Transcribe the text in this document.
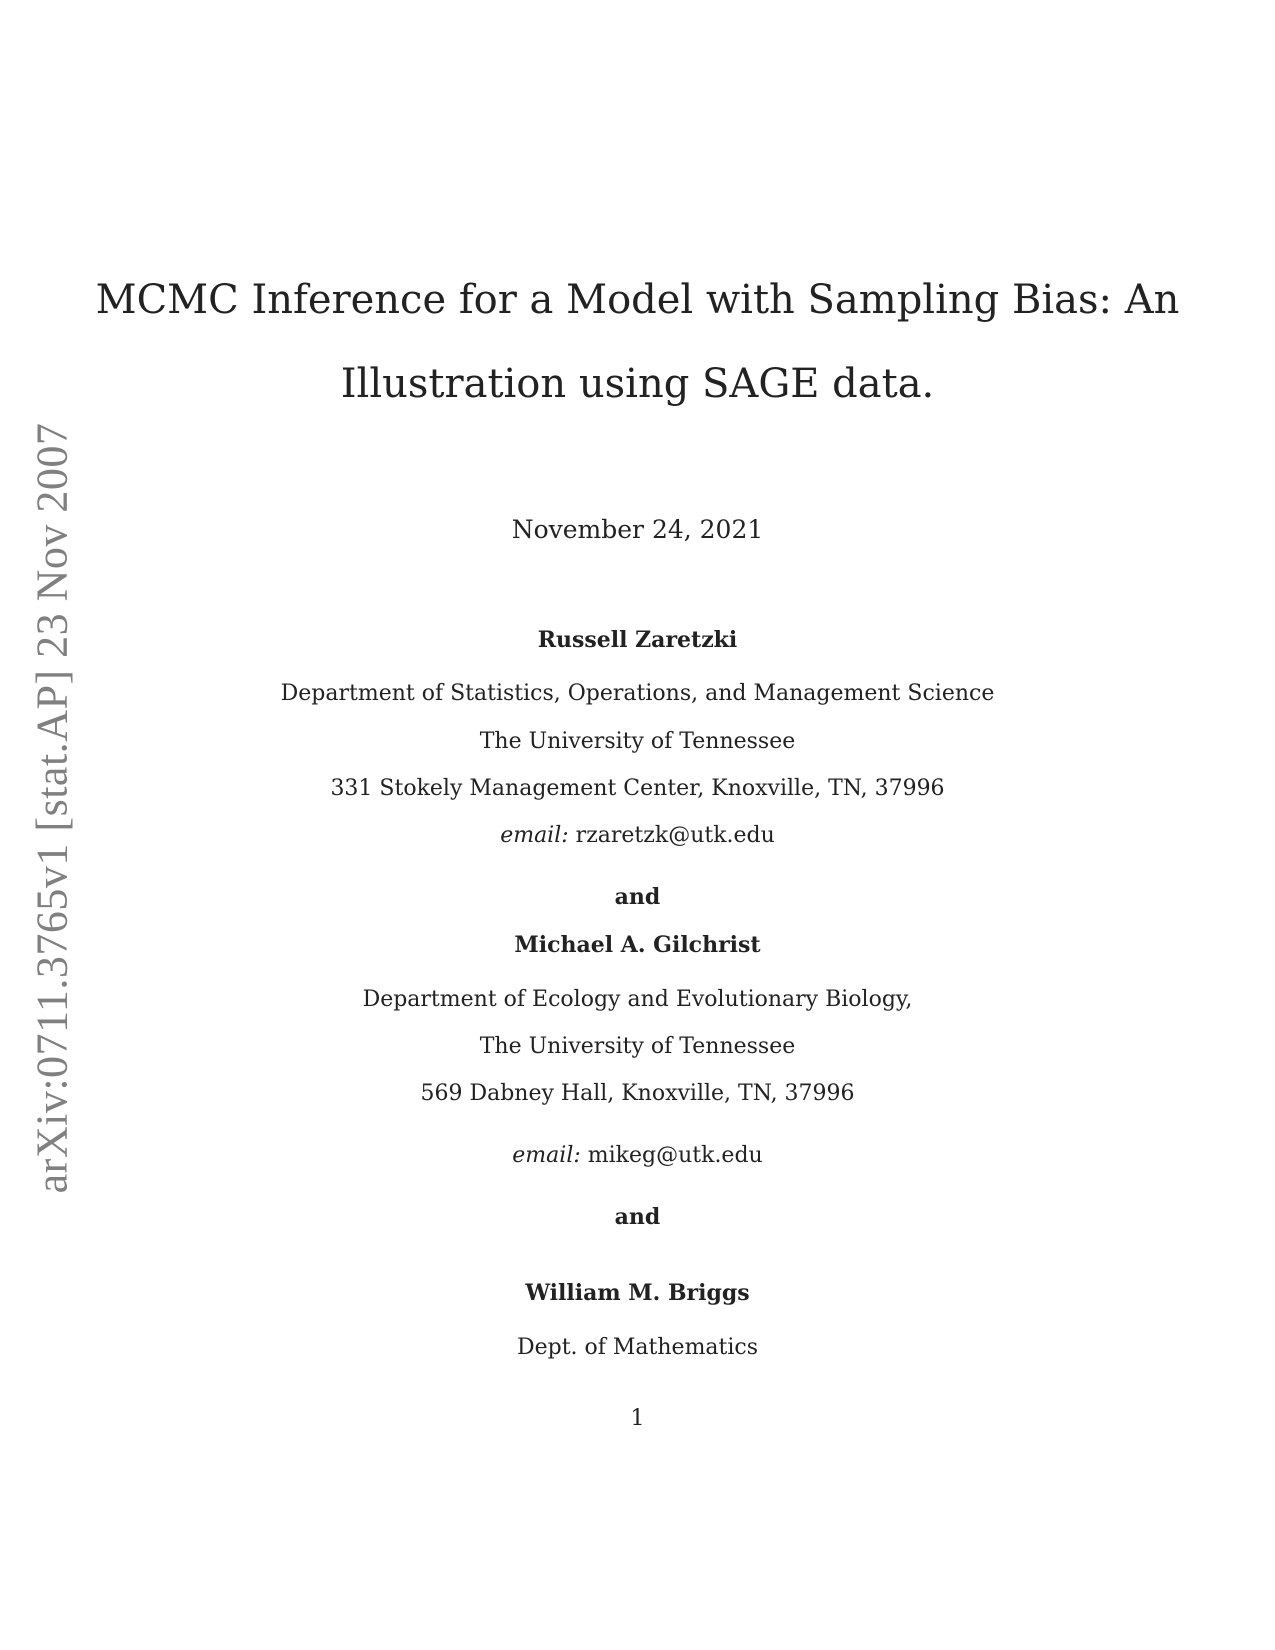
arXiv:0711.3765v1 [stat.AP] 23 Nov 2007
MCMC Inference for a Model with Sampling Bias: An
Illustration using SAGE data.
November 24, 2021
Russell Zaretzki
Department of Statistics, Operations, and Management Science
The University of Tennessee
331 Stokely Management Center, Knoxville, TN, 37996
email: rzaretzk@utk.edu
and
Michael A. Gilchrist
Department of Ecology and Evolutionary Biology,
The University of Tennessee
569 Dabney Hall, Knoxville, TN, 37996
email: mikeg@utk.edu
and
William M. Briggs
Dept. of Mathematics
1
